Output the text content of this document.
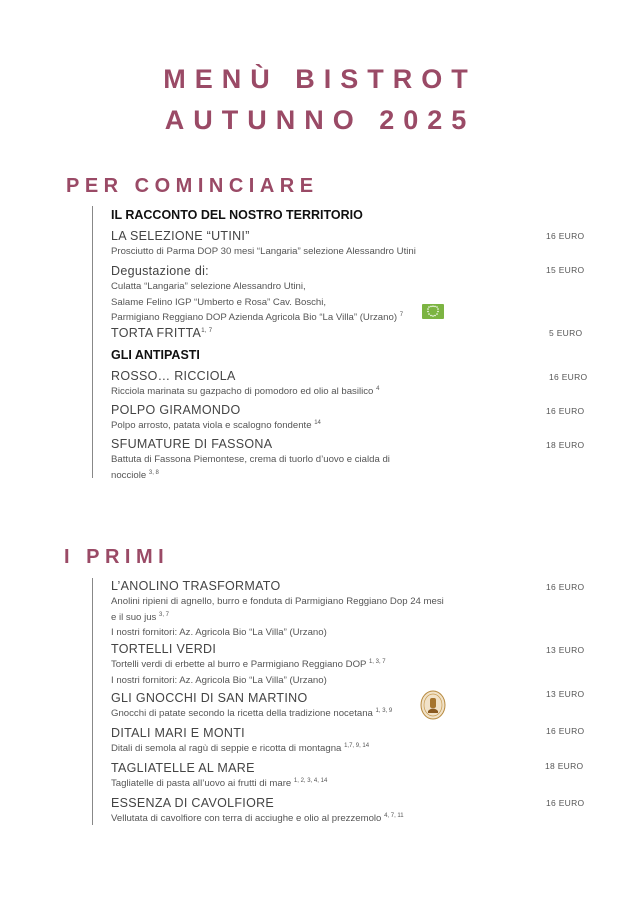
MENÙ BISTROT
AUTUNNO 2025
PER COMINCIARE
IL RACCONTO DEL NOSTRO TERRITORIO
LA SELEZIONE “UTINI”
Prosciutto di Parma DOP 30 mesi “Langaria” selezione Alessandro Utini
16 EURO
Degustazione di:
Culatta “Langaria” selezione Alessandro Utini,
Salame Felino IGP “Umberto e Rosa” Cav. Boschi,
Parmigiano Reggiano DOP Azienda Agricola Bio “La Villa” (Urzano) $^7$
15 EURO
TORTA FRITTA$^{1, 7}$	5 EURO
GLI ANTIPASTI
ROSSO… RICCIOLA
Ricciola marinata su gazpacho di pomodoro ed olio al basilico $^4$
16 EURO
POLPO GIRAMONDO
Polpo arrosto, patata viola e scalogno fondente $^{14}$
16 EURO
SFUMATURE DI FASSONA
Battuta di Fassona Piemontese, crema di tuorlo d’uovo e cialda di
nocciole $^{3, 8}$
18 EURO
I PRIMI
L’ANOLINO TRASFORMATO
Anolini ripieni di agnello, burro e fonduta di Parmigiano Reggiano Dop 24 mesi
e il suo jus $^{3, 7}$
I nostri fornitori: Az. Agricola Bio “La Villa” (Urzano)
16 EURO
TORTELLI VERDI
Tortelli verdi di erbette al burro e Parmigiano Reggiano DOP $^{1, 3, 7}$
I nostri fornitori: Az. Agricola Bio “La Villa” (Urzano)
13 EURO
GLI GNOCCHI DI SAN MARTINO
Gnocchi di patate secondo la ricetta della tradizione nocetana $^{1, 3, 9}$
13 EURO
DITALI MARI E MONTI
Ditali di semola al ragù di seppie e ricotta di montagna $^{1,7, 9, 14}$
16 EURO
TAGLIATELLE AL MARE
Tagliatelle di pasta all’uovo ai frutti di mare $^{1, 2, 3, 4, 14}$
18 EURO
ESSENZA DI CAVOLFIORE
Vellutata di cavolfiore con terra di acciughe e olio al prezzemolo $^{4, 7, 11}$
16 EURO
